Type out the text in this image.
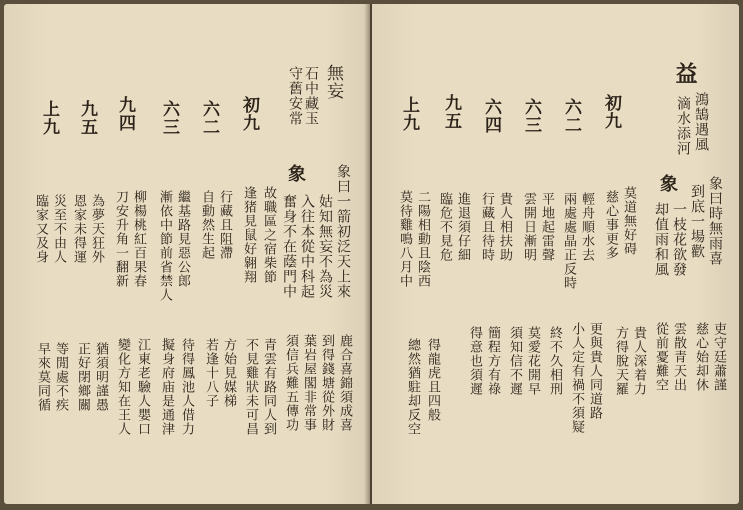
無妄
石中藏玉
守舊安常
象 象曰一箭初泛天上來
姑知無妄不為災
入往本從中科起
奮身不在蔭門中
初九
六二
六三
九四
九五
上九
故職區之宿柴節
逢猪見鼠好翱翔
行藏且阻滯
自動然生起
繼基路見惡公郎
漸依中節前省禁人
柳楊桃紅百果春
刀安升角一翻新
為夢天狂外
恩家未得運
災至不由人
臨家又及身
鹿合喜錦須成喜
到得錢塘從外財
葉岩屋閣非常事
須信兵難五傳功
青雲有路同人到
不見雞狀未可昌
方始見媒梯
若逢十八子
待得鳳池人借力
擬身府庙是通津
江東老驗人嬰口
變化方知在王人
猶須明謹愚
正好閉鄉關
等閒處不疾
早來莫同循
益
鴻鵠遇風
滴水添河
象 象曰時無雨喜
到底一場歡
一枝花欲發
却值雨和風
初九
六二
六三
六四
九五
上九
莫道無好碍
慈心事更多
輕舟順水去
兩處處晶正反時
平地起雷聲
雲開日漸明
貴人相扶助
行藏且待時
進退須仔細
臨危不見危
二陽相動且陰西
莫待雞鳴八月中
吏守廷蕭謹
慈心始却休
雲散青天出
從前憂難空
貴人深着力
方得脫天羅
更與貴人同道路
小人定有禍不須疑
終不久相刑
莫愛花開早
須知信不遲
簡程方有祿
得意也須遲
得龍虎且四般
總然猶駐却反空
